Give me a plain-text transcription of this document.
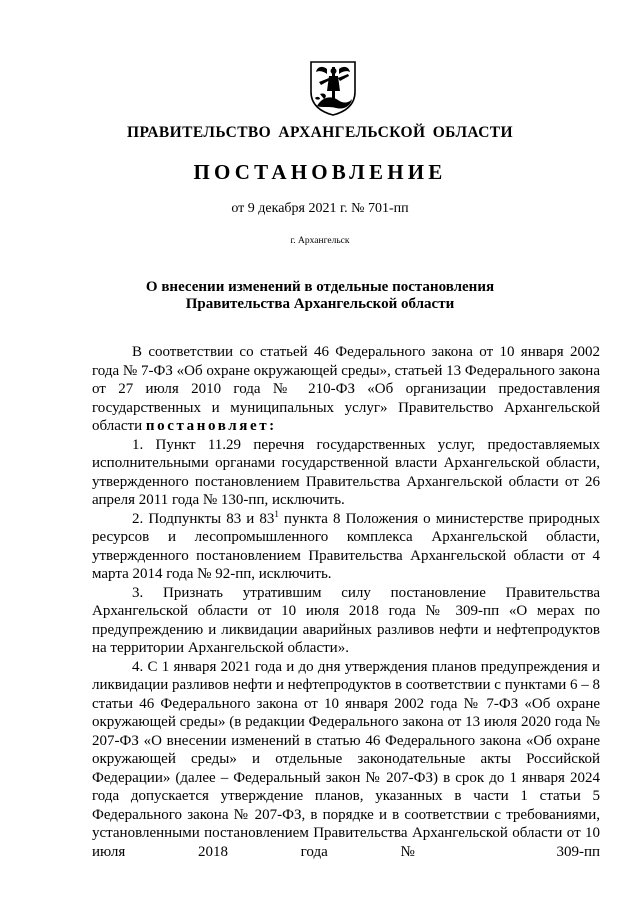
ПРАВИТЕЛЬСТВО АРХАНГЕЛЬСКОЙ ОБЛАСТИ
ПОСТАНОВЛЕНИЕ
от 9 декабря 2021 г. № 701-пп
г. Архангельск
О внесении изменений в отдельные постановления
Правительства Архангельской области

В соответствии со статьей 46 Федерального закона от 10 января 2002 года № 7-ФЗ «Об охране окружающей среды», статьей 13 Федерального закона от 27 июля 2010 года № 210-ФЗ «Об организации предоставления государственных и муниципальных услуг» Правительство Архангельской области постановляет:

1. Пункт 11.29 перечня государственных услуг, предоставляемых исполнительными органами государственной власти Архангельской области, утвержденного постановлением Правительства Архангельской области от 26 апреля 2011 года № 130-пп, исключить.

2. Подпункты 83 и $83^1$ пункта 8 Положения о министерстве природных ресурсов и лесопромышленного комплекса Архангельской области, утвержденного постановлением Правительства Архангельской области от 4 марта 2014 года № 92-пп, исключить.

3. Признать утратившим силу постановление Правительства Архангельской области от 10 июля 2018 года № 309-пп «О мерах по предупреждению и ликвидации аварийных разливов нефти и нефтепродуктов на территории Архангельской области».

4. С 1 января 2021 года и до дня утверждения планов предупреждения и ликвидации разливов нефти и нефтепродуктов в соответствии с пунктами 6 – 8 статьи 46 Федерального закона от 10 января 2002 года № 7-ФЗ «Об охране окружающей среды» (в редакции Федерального закона от 13 июля 2020 года № 207-ФЗ «О внесении изменений в статью 46 Федерального закона «Об охране окружающей среды» и отдельные законодательные акты Российской Федерации» (далее – Федеральный закон № 207-ФЗ) в срок до 1 января 2024 года допускается утверждение планов, указанных в части 1 статьи 5 Федерального закона № 207-ФЗ, в порядке и в соответствии с требованиями, установленными постановлением Правительства Архангельской области от 10 июля 2018 года № 309-пп
